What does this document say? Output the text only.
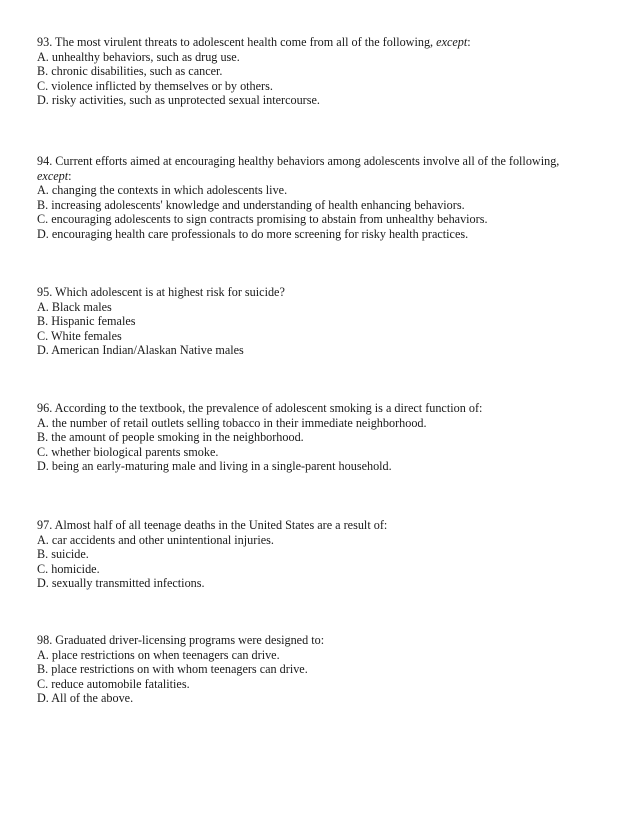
93. The most virulent threats to adolescent health come from all of the following, except:
A. unhealthy behaviors, such as drug use.
B. chronic disabilities, such as cancer.
C. violence inflicted by themselves or by others.
D. risky activities, such as unprotected sexual intercourse.
94. Current efforts aimed at encouraging healthy behaviors among adolescents involve all of the following,
except:
A. changing the contexts in which adolescents live.
B. increasing adolescents' knowledge and understanding of health enhancing behaviors.
C. encouraging adolescents to sign contracts promising to abstain from unhealthy behaviors.
D. encouraging health care professionals to do more screening for risky health practices.
95. Which adolescent is at highest risk for suicide?
A. Black males
B. Hispanic females
C. White females
D. American Indian/Alaskan Native males
96. According to the textbook, the prevalence of adolescent smoking is a direct function of:
A. the number of retail outlets selling tobacco in their immediate neighborhood.
B. the amount of people smoking in the neighborhood.
C. whether biological parents smoke.
D. being an early-maturing male and living in a single-parent household.
97. Almost half of all teenage deaths in the United States are a result of:
A. car accidents and other unintentional injuries.
B. suicide.
C. homicide.
D. sexually transmitted infections.
98. Graduated driver-licensing programs were designed to:
A. place restrictions on when teenagers can drive.
B. place restrictions on with whom teenagers can drive.
C. reduce automobile fatalities.
D. All of the above.
